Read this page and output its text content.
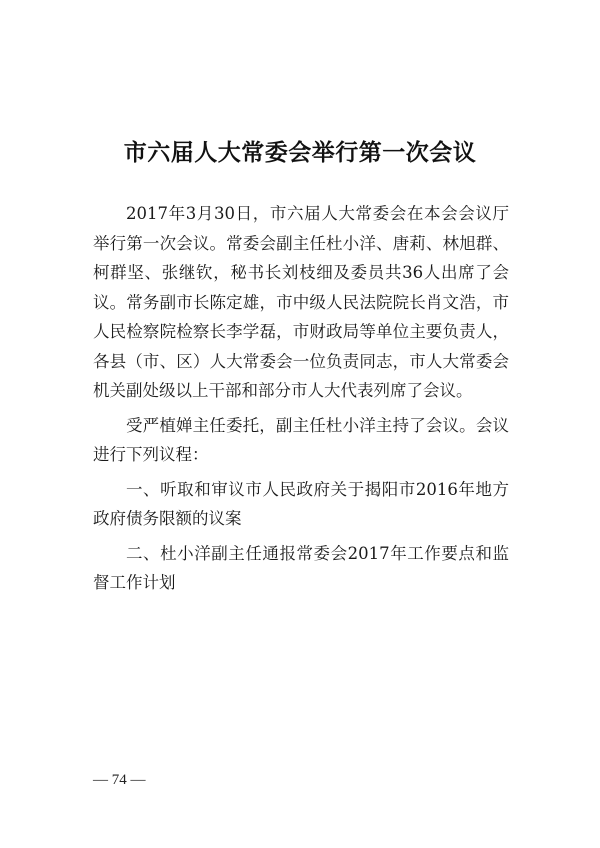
市六届人大常委会举行第一次会议

2017年3月30日，市六届人大常委会在本会会议厅举行第一次会议。常委会副主任杜小洋、唐莉、林旭群、柯群坚、张继钦，秘书长刘枝细及委员共36人出席了会议。常务副市长陈定雄，市中级人民法院院长肖文浩，市人民检察院检察长李学磊，市财政局等单位主要负责人，各县（市、区）人大常委会一位负责同志，市人大常委会机关副处级以上干部和部分市人大代表列席了会议。

受严植婵主任委托，副主任杜小洋主持了会议。会议进行下列议程：

一、听取和审议市人民政府关于揭阳市2016年地方政府债务限额的议案

二、杜小洋副主任通报常委会2017年工作要点和监督工作计划

— 74 —
